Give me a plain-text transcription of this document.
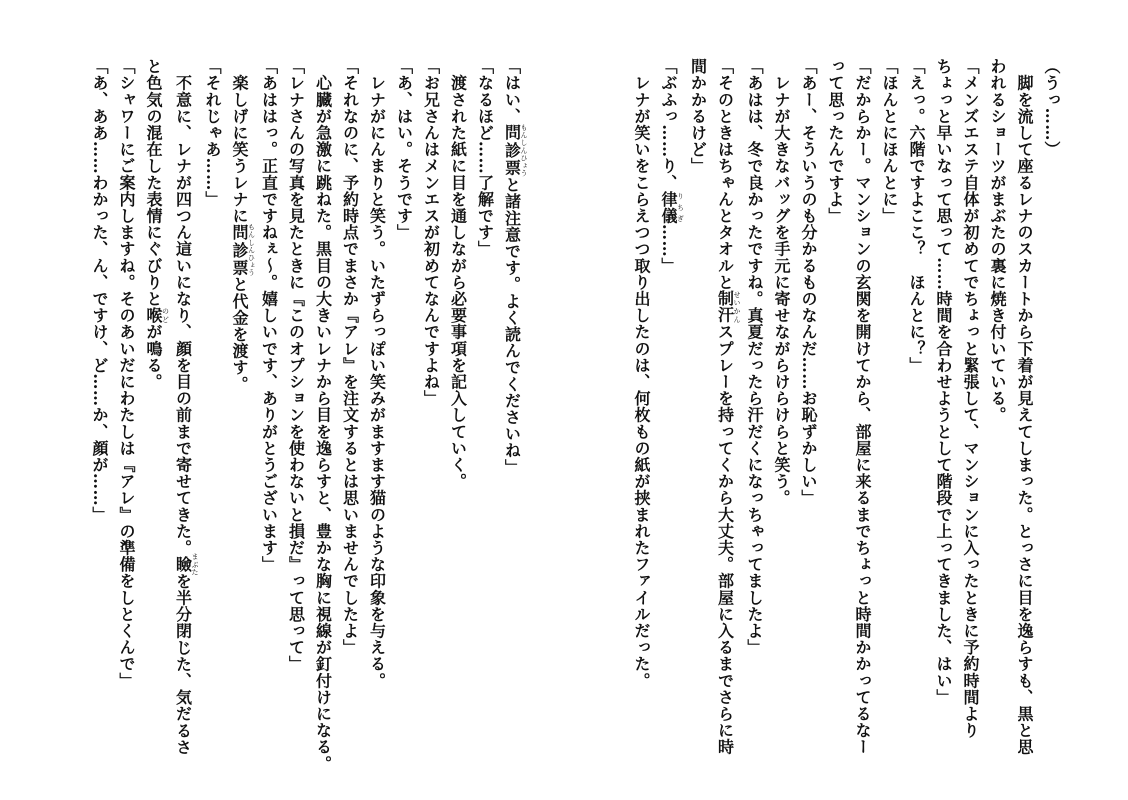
（うっ……）
　脚を流して座るレナのスカートから下着が見えてしまった。とっさに目を逸らすも、黒と思
われるショーツがまぶたの裏に焼き付いている。
「メンズエステ自体が初めてでちょっと緊張して、マンションに入ったときに予約時間より
ちょっと早いなって思って……時間を合わせようとして階段で上ってきました、はい」
「えっ。六階ですよここ？　ほんとに？」
「ほんとにほんとに」
「だからかー。マンションの玄関を開けてから、部屋に来るまでちょっと時間かかってるなー
って思ったんですよ」
「あー、そういうのも分かるものなんだ……お恥ずかしい」
　レナが大きなバッグを手元に寄せながらけらけらと笑う。
「あはは、冬で良かったですね。真夏だったら汗だくになっちゃってましたよ」
「そのときはちゃんとタオルと制汗せいかんスプレーを持ってくから大丈夫。部屋に入るまでさらに時
間かかるけど」
「ぶふっ……り、律儀りちぎ……」
　レナが笑いをこらえつつ取り出したのは、何枚もの紙が挟まれたファイルだった。
「はい、問診票もんしんひょうと諸注意です。よく読んでくださいね」
「なるほど……了解です」
　渡された紙に目を通しながら必要事項を記入していく。
「お兄さんはメンエスが初めてなんですよね」
「あ、はい。そうです」
　レナがにんまりと笑う。いたずらっぽい笑みがますます猫のような印象を与える。
「それなのに、予約時点でまさか『アレ』を注文するとは思いませんでしたよ」
　心臓が急激に跳ねた。黒目の大きいレナから目を逸らすと、豊かな胸に視線が釘付けになる。
「レナさんの写真を見たときに『このオプションを使わないと損だ』って思って」
「あははっ。正直ですねぇ～。嬉しいです、ありがとうございます」
　楽しげに笑うレナに問診票もんしんひょうと代金を渡す。
「それじゃあ……」
　不意に、レナが四つん這いになり、顔を目の前まで寄せてきた。瞼まぶたを半分閉じた、気だるさ
と色気の混在した表情にぐびりと喉のどが鳴る。
「シャワーにご案内しますね。そのあいだにわたしは『アレ』の準備をしとくんで」
「あ、ああ……わかった、ん、ですけ、ど……か、顔が……」
